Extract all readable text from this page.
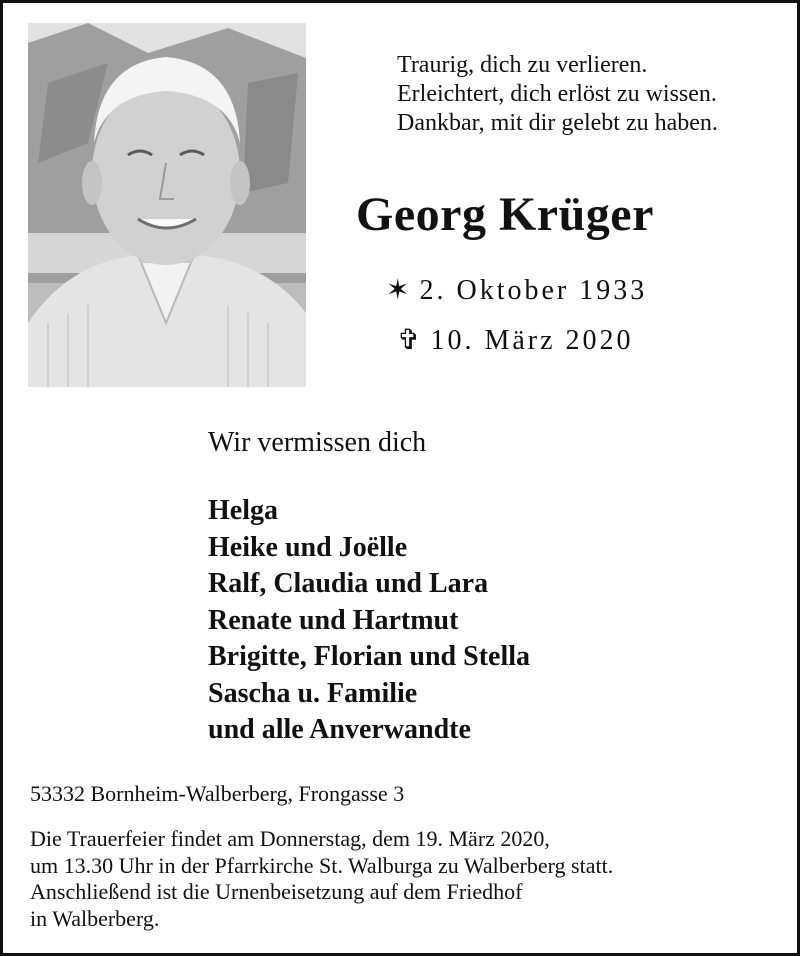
Traurig, dich zu verlieren.
Erleichtert, dich erlöst zu wissen.
Dankbar, mit dir gelebt zu haben.
Georg Krüger
✶ 2. Oktober 1933
✞ 10. März 2020
Wir vermissen dich
Helga
Heike und Joëlle
Ralf, Claudia und Lara
Renate und Hartmut
Brigitte, Florian und Stella
Sascha u. Familie
und alle Anverwandte
53332 Bornheim-Walberberg, Frongasse 3
Die Trauerfeier findet am Donnerstag, dem 19. März 2020,
um 13.30 Uhr in der Pfarrkirche St. Walburga zu Walberberg statt.
Anschließend ist die Urnenbeisetzung auf dem Friedhof
in Walberberg.
